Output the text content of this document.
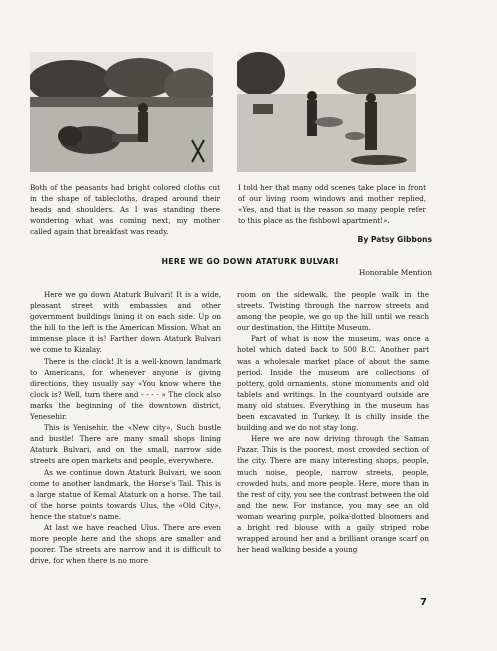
Both of the peasants had bright colored cloths cut in the shape of tablecloths, draped around their heads and shoulders. As I was standing there wondering what was coming next, my mother called again that breakfast was ready.

I told her that many odd scenes take place in front of our living room windows and mother replied, «Yes, and that is the reason so many people refer to this place as the fishbowl apartment!».

By Patsy Gibbons
HERE WE GO DOWN ATATURK BULVARI
Honorable Mention

Here we go down Ataturk Bulvari! It is a wide, pleasant street with embassies and other government buildings lining it on each side. Up on the hill to the left is the American Mission. What an immense place it is! Farther down Ataturk Bulvari we come to Kizalay.

There is the clock! It is a well-known landmark to Americans, for whenever anyone is giving directions, they usually say «You know where the clock is? Well, turn there and - - - - » The clock also marks the beginning of the downtown district, Yenesehir.

This is Yenisehir, the «New city». Such bustle and bustle! There are many small shops lining Ataturk Bulvari, and on the small, narrow side streets are open markets and people, everywhere.

As we continue down Ataturk Bulvari, we soon come to another landmark, the Horse's Tail. This is a large statue of Kemal Ataturk on a horse. The tail of the horse points towards Ulus, the «Old City», hence the statue's name.

At last we have reached Ulus. There are even more people here and the shops are smaller and poorer. The streets are narrow and it is difficult to drive, for when there is no more

room on the sidewalk, the people walk in the streets. Twisting through the narrow streets and among the people, we go up the hill until we reach our destination, the Hittite Museum.

Part of what is now the museum, was once a hotel which dated back to 500 B.C. Another part was a wholesale market place of about the same period. Inside the museum are collections of pottery, gold ornaments, stone monuments and old tablets and writings. In the countyard outside are many old statues. Everything in the museum has been excavated in Turkey. It is chilly inside the building and we do not stay long.

Here we are now driving through the Saman Pazar. This is the poorest, most crowded section of the city. There are many interesting shops, people, much noise, people, narrow streets, people, crowded huts, and more people. Here, more than in the rest of city, you see the contrast between the old and the new. For instance, you may see an old woman wearing purple, polka-dotted bloomers and a bright red blouse with a gaily striped robe wrapped around her and a brilliant orange scarf on her head walking beside a young

7
